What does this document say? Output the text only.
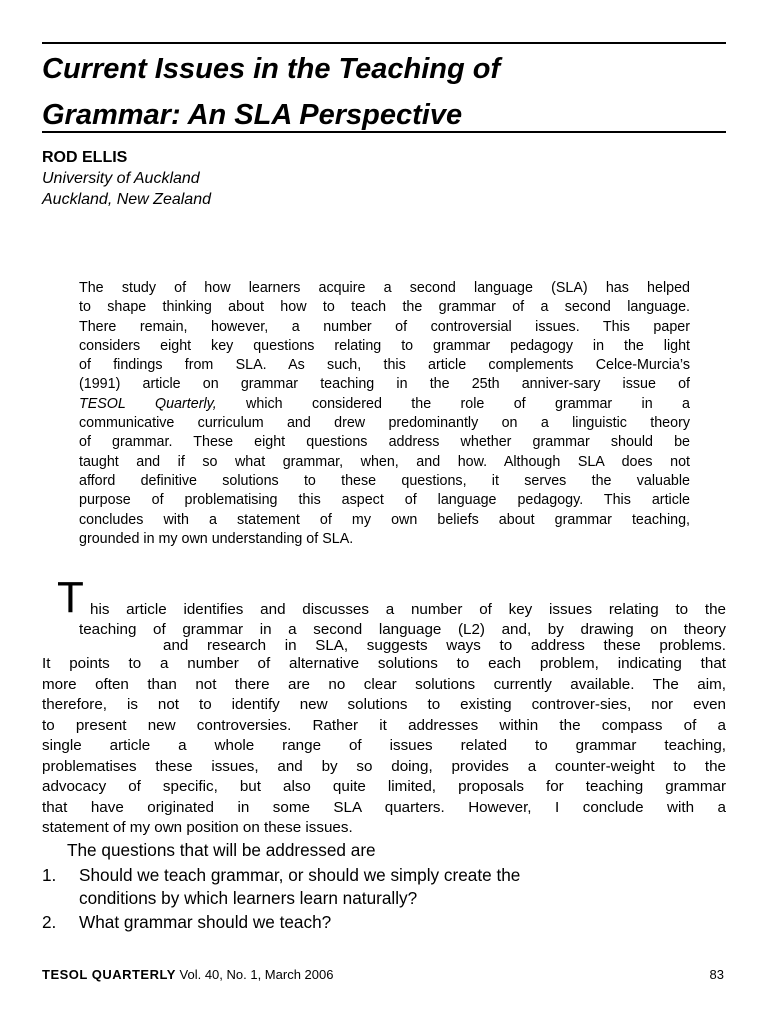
Current Issues in the Teaching of
Grammar: An SLA Perspective

ROD ELLIS

University of Auckland

Auckland, New Zealand

The study of how learners acquire a second language (SLA) has helped
to shape thinking about how to teach the grammar of a second language.
There remain, however, a number of controversial issues. This paper
considers eight key questions relating to grammar pedagogy in the light
of findings from SLA. As such, this article complements Celce-Murcia’s
(1991) article on grammar teaching in the 25th anniver-sary issue of
TESOL Quarterly, which considered the role of grammar in a
communicative curriculum and drew predominantly on a linguistic theory
of grammar. These eight questions address whether grammar should be
taught and if so what grammar, when, and how. Although SLA does not
afford definitive solutions to these questions, it serves the valuable
purpose of problematising this aspect of language pedagogy. This article
concludes with a statement of my own beliefs about grammar teaching,
grounded in my own understanding of SLA.
T his article identifies and discusses a number of key issues relating to the
teaching of grammar in a second language (L2) and, by drawing on theory
and research in SLA, suggests ways to address these problems.
It points to a number of alternative solutions to each problem, indicating that
more often than not there are no clear solutions currently available. The aim,
therefore, is not to identify new solutions to existing controver-sies, nor even
to present new controversies. Rather it addresses within the compass of a
single article a whole range of issues related to grammar teaching,
problematises these issues, and by so doing, provides a counter-weight to the
advocacy of specific, but also quite limited, proposals for teaching grammar
that have originated in some SLA quarters. However, I conclude with a
statement of my own position on these issues.

The questions that will be addressed are

1. Should we teach grammar, or should we simply create the
conditions by which learners learn naturally?
2. What grammar should we teach?
TESOL QUARTERLY Vol. 40, No. 1, March 2006	83
